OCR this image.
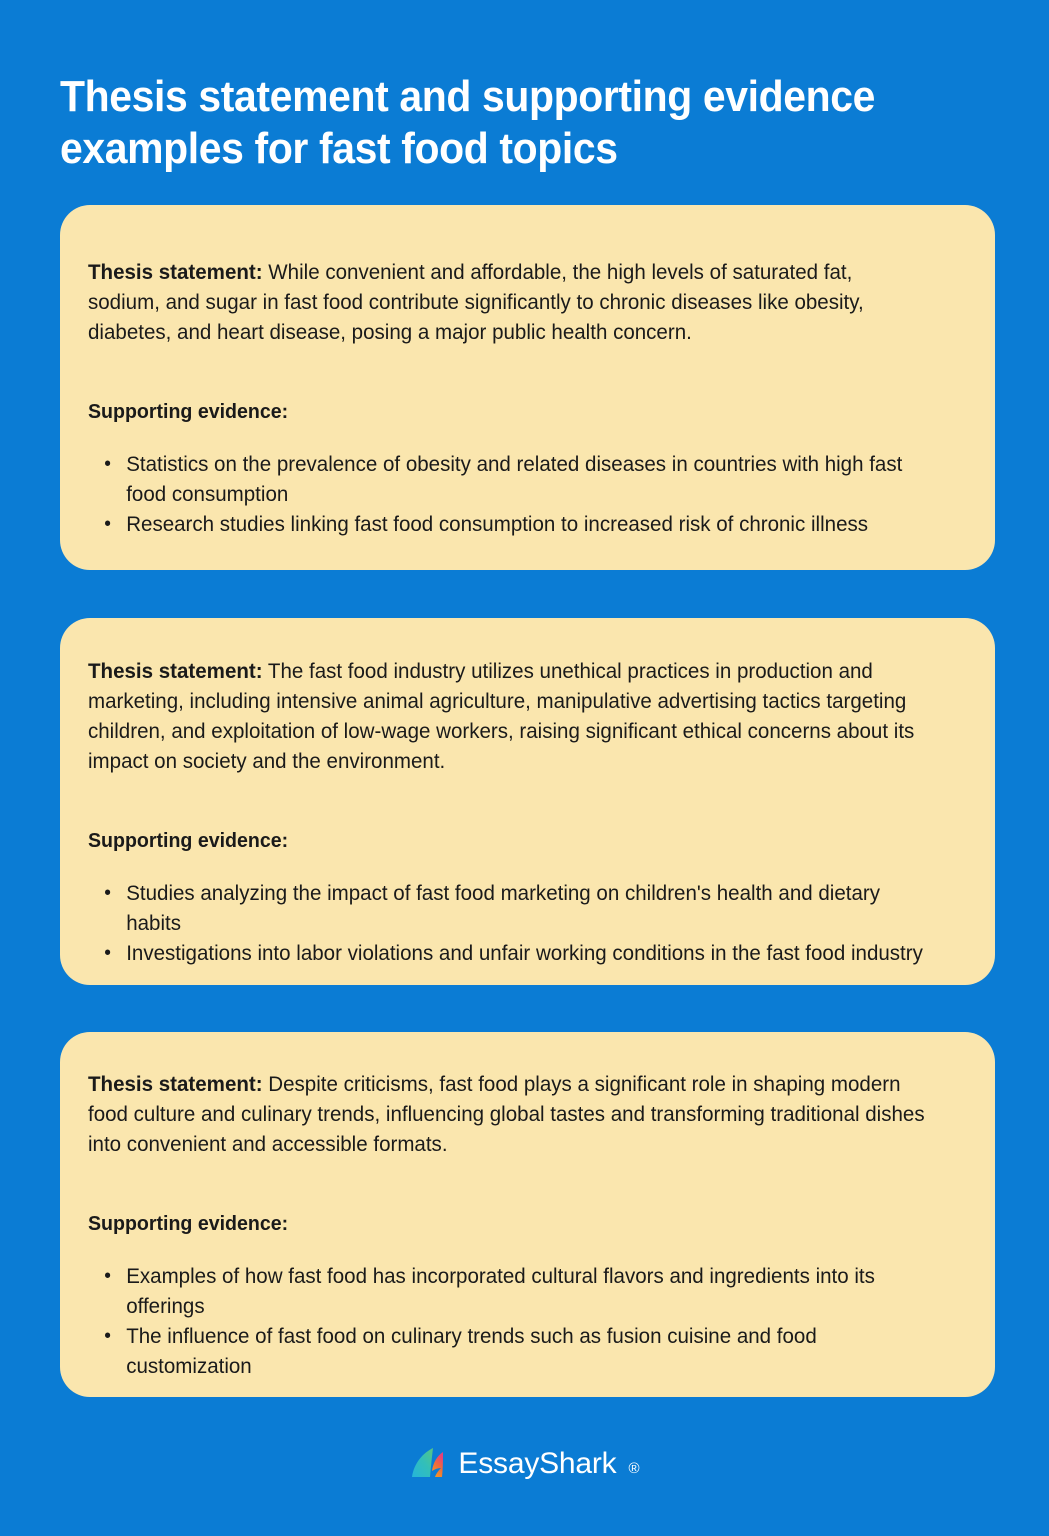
Thesis statement and supporting evidence examples for fast food topics

Thesis statement: While convenient and affordable, the high levels of saturated fat, sodium, and sugar in fast food contribute significantly to chronic diseases like obesity, diabetes, and heart disease, posing a major public health concern.

Supporting evidence:

• Statistics on the prevalence of obesity and related diseases in countries with high fast food consumption
• Research studies linking fast food consumption to increased risk of chronic illness

Thesis statement: The fast food industry utilizes unethical practices in production and marketing, including intensive animal agriculture, manipulative advertising tactics targeting children, and exploitation of low-wage workers, raising significant ethical concerns about its impact on society and the environment.

Supporting evidence:

• Studies analyzing the impact of fast food marketing on children's health and dietary habits
• Investigations into labor violations and unfair working conditions in the fast food industry

Thesis statement: Despite criticisms, fast food plays a significant role in shaping modern food culture and culinary trends, influencing global tastes and transforming traditional dishes into convenient and accessible formats.

Supporting evidence:

• Examples of how fast food has incorporated cultural flavors and ingredients into its offerings
• The influence of fast food on culinary trends such as fusion cuisine and food customization
EssayShark ®
